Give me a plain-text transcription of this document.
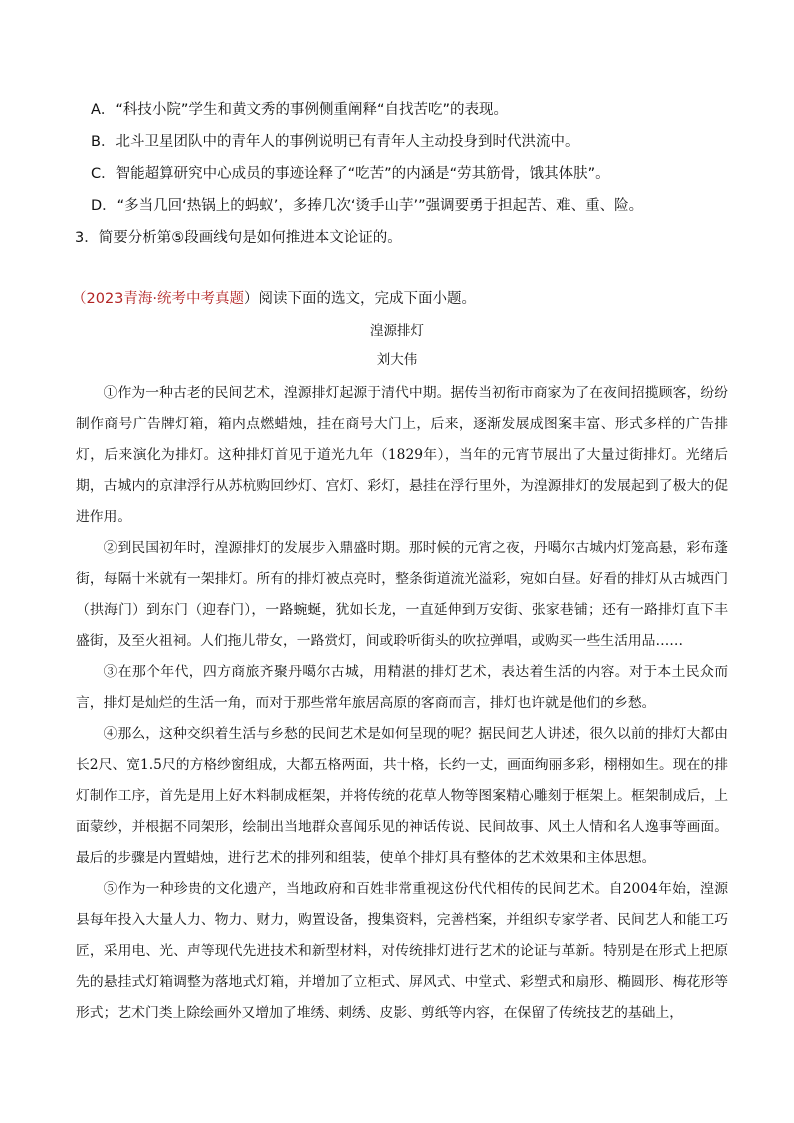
A．“科技小院”学生和黄文秀的事例侧重阐释“自找苦吃”的表现。
B．北斗卫星团队中的青年人的事例说明已有青年人主动投身到时代洪流中。
C．智能超算研究中心成员的事迹诠释了“吃苦”的内涵是“劳其筋骨，饿其体肤”。
D．“多当几回‘热锅上的蚂蚁’，多捧几次‘烫手山芋’”强调要勇于担起苦、难、重、险。
3．简要分析第⑤段画线句是如何推进本文论证的。
（2023青海·统考中考真题）阅读下面的选文，完成下面小题。
湟源排灯
刘大伟

①作为一种古老的民间艺术，湟源排灯起源于清代中期。据传当初衔市商家为了在夜间招揽顾客，纷纷制作商号广告牌灯箱，箱内点燃蜡烛，挂在商号大门上，后来，逐渐发展成图案丰富、形式多样的广告排灯，后来演化为排灯。这种排灯首见于道光九年（1829年），当年的元宵节展出了大量过街排灯。光绪后期，古城内的京津浮行从苏杭购回纱灯、宫灯、彩灯，悬挂在浮行里外，为湟源排灯的发展起到了极大的促进作用。

②到民国初年时，湟源排灯的发展步入鼎盛时期。那时候的元宵之夜，丹噶尔古城内灯笼高悬，彩布蓬街，每隔十米就有一架排灯。所有的排灯被点亮时，整条街道流光溢彩，宛如白昼。好看的排灯从古城西门（拱海门）到东门（迎春门），一路蜿蜒，犹如长龙，一直延伸到万安街、张家巷铺；还有一路排灯直下丰盛街，及至火祖祠。人们拖儿带女，一路赏灯，间或聆听街头的吹拉弹唱，或购买一些生活用品……

③在那个年代，四方商旅齐聚丹噶尔古城，用精湛的排灯艺术，表达着生活的内容。对于本土民众而言，排灯是灿烂的生活一角，而对于那些常年旅居高原的客商而言，排灯也许就是他们的乡愁。

④那么，这种交织着生活与乡愁的民间艺术是如何呈现的呢？据民间艺人讲述，很久以前的排灯大都由长2尺、宽1.5尺的方格纱窗组成，大都五格两面，共十格，长约一丈，画面绚丽多彩，栩栩如生。现在的排灯制作工序，首先是用上好木料制成框架，并将传统的花草人物等图案精心雕刻于框架上。框架制成后，上面蒙纱，并根据不同架形，绘制出当地群众喜闻乐见的神话传说、民间故事、风土人情和名人逸事等画面。最后的步骤是内置蜡烛，进行艺术的排列和组装，使单个排灯具有整体的艺术效果和主体思想。

⑤作为一种珍贵的文化遗产，当地政府和百姓非常重视这份代代相传的民间艺术。自2004年始，湟源县每年投入大量人力、物力、财力，购置设备，搜集资料，完善档案，并组织专家学者、民间艺人和能工巧匠，采用电、光、声等现代先进技术和新型材料，对传统排灯进行艺术的论证与革新。特别是在形式上把原先的悬挂式灯箱调整为落地式灯箱，并增加了立柜式、屏风式、中堂式、彩塑式和扇形、椭圆形、梅花形等形式；艺术门类上除绘画外又增加了堆绣、刺绣、皮影、剪纸等内容，在保留了传统技艺的基础上，
